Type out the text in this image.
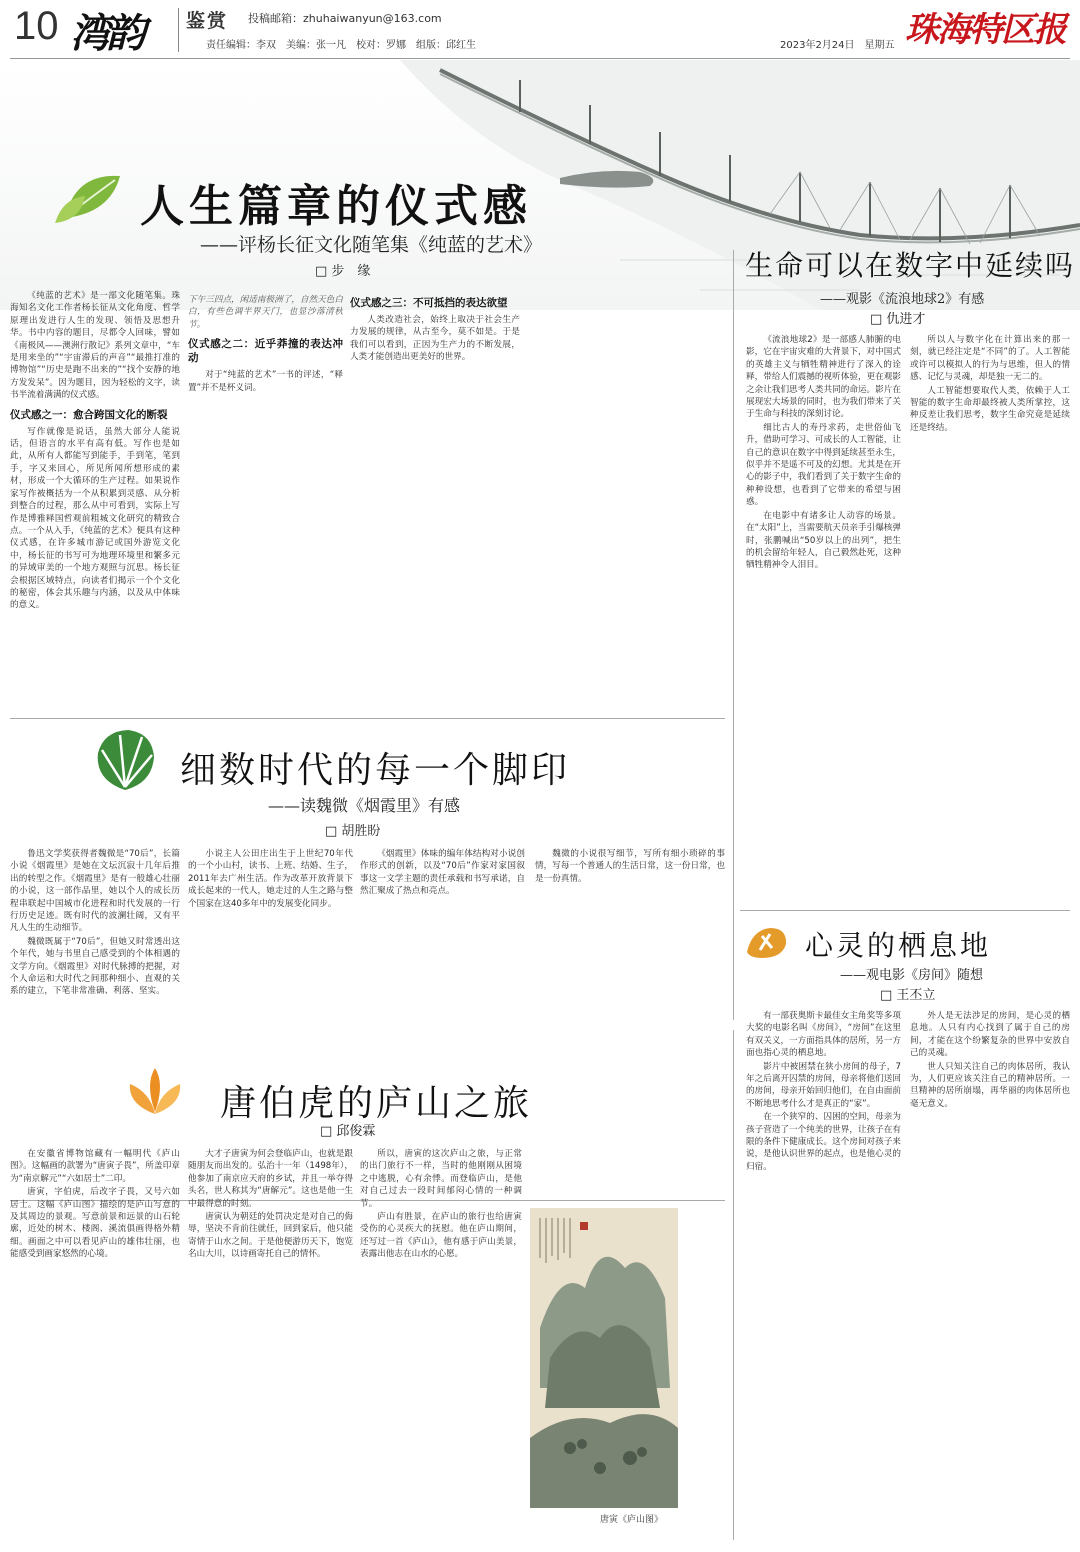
10 湾韵 鉴赏 投稿邮箱：zhuhaiwanyun@163.com
责任编辑：李双　美编：张一凡　校对：罗娜　组版：邱红生	2023年2月24日　星期五 珠海特区报
人生篇章的仪式感
——评杨长征文化随笔集《纯蓝的艺术》
□ 步　缘

《纯蓝的艺术》是一部文化随笔集。珠海知名文化工作者杨长征从文化角度、哲学原理出发进行人生的发现、领悟及思想升华。书中内容的题目，尽都令人回味，譬如《南极风——澳洲行散记》系列文章中，“车是用来坐的”“宇宙滞后的声音”“最推打准的博物馆”“历史是跑不出来的”“找个安静的地方发发呆”。因为题目，因为轻松的文字，读书半流着满满的仪式感。

仪式感之一：愈合跨国文化的断裂

写作就像是说话，虽然大部分人能说话，但语言的水平有高有低。写作也是如此，从所有人都能写到能手，手到笔，笔到手，字又来回心，所见所闻所想形成的素材，形成一个大循环的生产过程。如果说作家写作被概括为一个从积累到灵感、从分析到整合的过程，那么从中可看到，实际上写作是博雅释国哲观前粗城文化研究的精致合点。一个从入手，《纯蓝的艺术》便具有这种仪式感，在许多城市游记或国外游览文化中，杨长征的书写可为地理环境里和繁多元的异域审美的一个地方观照与沉思。杨长征会根据区域特点，向读者们揭示一个个文化的秘密，体会其乐趣与内涵，以及从中体味的意义。

下午三四点，闲适南极洲了，自然天色白白，有些色调半界天门，也显沙落清秋节。
仪式感之二：近乎莽撞的表达冲动

对于“纯蓝的艺术”一书的评述，“释置”并不是杯义词。

仪式感之三：不可抵挡的表达欲望

人类改造社会，始终上取决于社会生产力发展的规律，从古至今，莫不如是。于是我们可以看到，正因为生产力的不断发展，人类才能创造出更美好的世界。

生命可以在数字中延续吗
——观影《流浪地球2》有感
□ 仇进才

《流浪地球2》是一部感人肺腑的电影，它在宇宙灾难的大背景下，对中国式的英雄主义与牺牲精神进行了深入的诠释，带给人们震撼的视听体验，更在观影之余让我们思考人类共同的命运。影片在展现宏大场景的同时，也为我们带来了关于生命与科技的深刻讨论。

细比古人的寿丹求药，走世俗仙飞升，借助可学习、可成长的人工智能，让自己的意识在数字中得到延续甚至永生，似乎并不是遥不可及的幻想。尤其是在开心的影子中，我们看到了关于数字生命的种种设想，也看到了它带来的希望与困惑。

在电影中有诸多让人动容的场景。在“太阳”上，当需要航天员亲手引爆核弹时，张鹏喊出“50岁以上的出列”，把生的机会留给年轻人，自己毅然赴死，这种牺牲精神令人泪目。

所以人与数字化在计算出来的那一刻，就已经注定是“不同”的了。人工智能或许可以模拟人的行为与思维，但人的情感、记忆与灵魂，却是独一无二的。

人工智能想要取代人类，依赖于人工智能的数字生命却最终被人类所掌控，这种反差让我们思考，数字生命究竟是延续还是终结。

细数时代的每一个脚印
——读魏微《烟霞里》有感
□ 胡胜盼

鲁迅文学奖获得者魏微是“70后”，长篇小说《烟霞里》是她在文坛沉寂十几年后推出的转型之作。《烟霞里》是有一般雄心壮丽的小说，这一部作品里，她以个人的成长历程串联起中国城市化进程和时代发展的一行行历史足迹。既有时代的波澜壮阔，又有平凡人生的生动细节。

魏微既属于“70后”，但她又时常透出这个年代，她与书里自己感受到的个体相遇的文学方向。《烟霞里》对时代脉搏的把握，对个人命运和大时代之间那种细小、直观的关系的建立，下笔非常准确、利落、坚实。

小说主人公田庄出生于上世纪70年代的一个小山村，读书、上班、结婚、生子，2011年去广州生活。作为改革开放背景下成长起来的一代人，她走过的人生之路与整个国家在这40多年中的发展变化同步。

《烟霞里》体味的编年体结构对小说创作形式的创新，以及“70后”作家对家国叙事这一文学主题的责任承载和书写承诺，自然汇聚成了热点和亮点。

魏微的小说很写细节，写所有细小琐碎的事情，写每一个普通人的生活日常，这一份日常，也是一份真情。

心灵的栖息地
——观电影《房间》随想
□ 王丕立

有一部获奥斯卡最佳女主角奖等多项大奖的电影名叫《房间》，“房间”在这里有双关义，一方面指具体的居所，另一方面也指心灵的栖息地。

影片中被困禁在狭小房间的母子，7年之后离开囚禁的房间，母亲将他们送回的房间，母亲开始回归他们，在自由面前不断地思考什么才是真正的“家”。

在一个狭窄的、囚困的空间，母亲为孩子营造了一个纯美的世界，让孩子在有限的条件下健康成长。这个房间对孩子来说，是他认识世界的起点，也是他心灵的归宿。

外人是无法涉足的房间，是心灵的栖息地。人只有内心找到了属于自己的房间，才能在这个纷繁复杂的世界中安放自己的灵魂。

世人只知关注自己的肉体居所，我认为，人们更应该关注自己的精神居所。一旦精神的居所崩塌，再华丽的肉体居所也毫无意义。

唐伯虎的庐山之旅
□ 邱俊霖

在安徽省博物馆藏有一幅明代《庐山图》。这幅画的款署为“唐寅子畏”，所盖印章为“南京解元”“六如居士”二印。

唐寅，字伯虎，后改字子畏，又号六如居士。这幅《庐山图》描绘的是庐山写意的及其周边的景观。写意前景和远景的山石轮廓，近处的树木、楼阁、溪流俱画得格外精细。画面之中可以看见庐山的雄伟壮丽，也能感受到画家悠然的心境。

大才子唐寅为何会登临庐山，也就是跟随朋友而出发的。弘治十一年（1498年），他参加了南京应天府的乡试，并且一举夺得头名，世人称其为“唐解元”。这也是他一生中最得意的时刻。

唐寅认为朝廷的处罚决定是对自己的侮辱，坚决不肯前往就任，回到家后，他只能寄情于山水之间。于是他便游历天下，饱览名山大川，以诗画寄托自己的情怀。

所以，唐寅的这次庐山之旅，与正常的出门旅行不一样，当时的他刚刚从困境之中逃脱，心有余悸。而登临庐山，是他对自己过去一段时间郁闷心情的一种调节。

庐山有胜景，在庐山的旅行也给唐寅受伤的心灵疾大的抚慰。他在庐山期间，还写过一首《庐山》，他有感于庐山美景，表露出他志在山水的心愿。

唐寅《庐山图》
